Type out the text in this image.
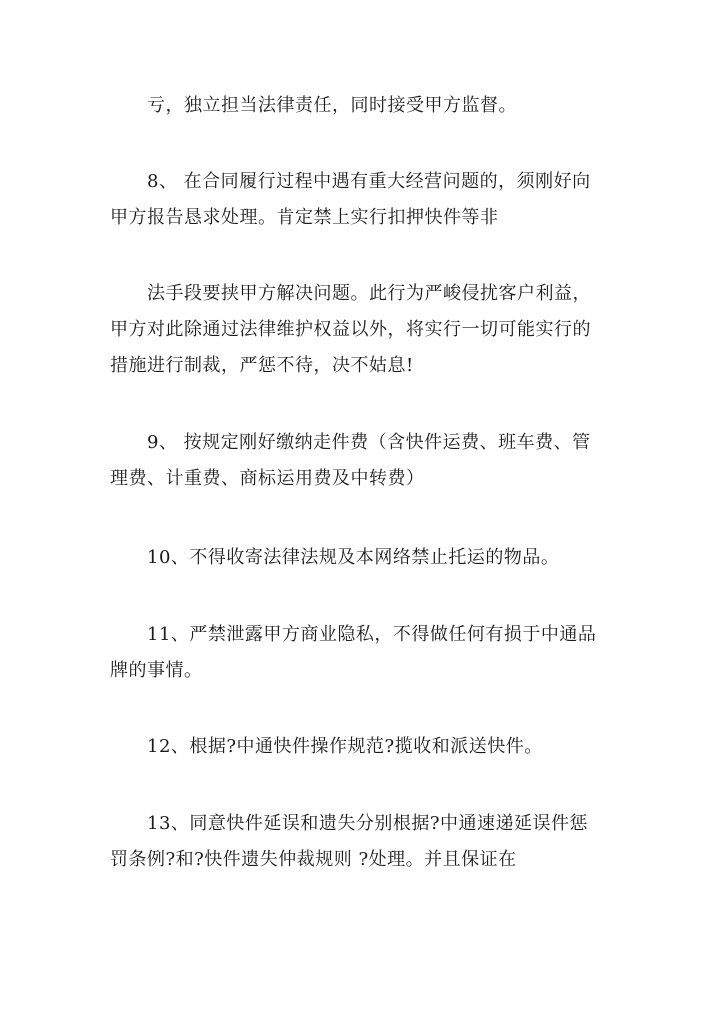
　　亏，独立担当法律责任，同时接受甲方监督。

　　8、 在合同履行过程中遇有重大经营问题的，须刚好向
甲方报告恳求处理。肯定禁上实行扣押快件等非

　　法手段要挟甲方解决问题。此行为严峻侵扰客户利益，
甲方对此除通过法律维护权益以外，将实行一切可能实行的
措施进行制裁，严惩不待，决不姑息!

　　9、 按规定刚好缴纳走件费（含快件运费、班车费、管
理费、计重费、商标运用费及中转费）

　　10、不得收寄法律法规及本网络禁止托运的物品。

　　11、严禁泄露甲方商业隐私，不得做任何有损于中通品
牌的事情。

　　12、根据?中通快件操作规范?揽收和派送快件。

　　13、同意快件延误和遗失分别根据?中通速递延误件惩
罚条例?和?快件遗失仲裁规则 ?处理。并且保证在
